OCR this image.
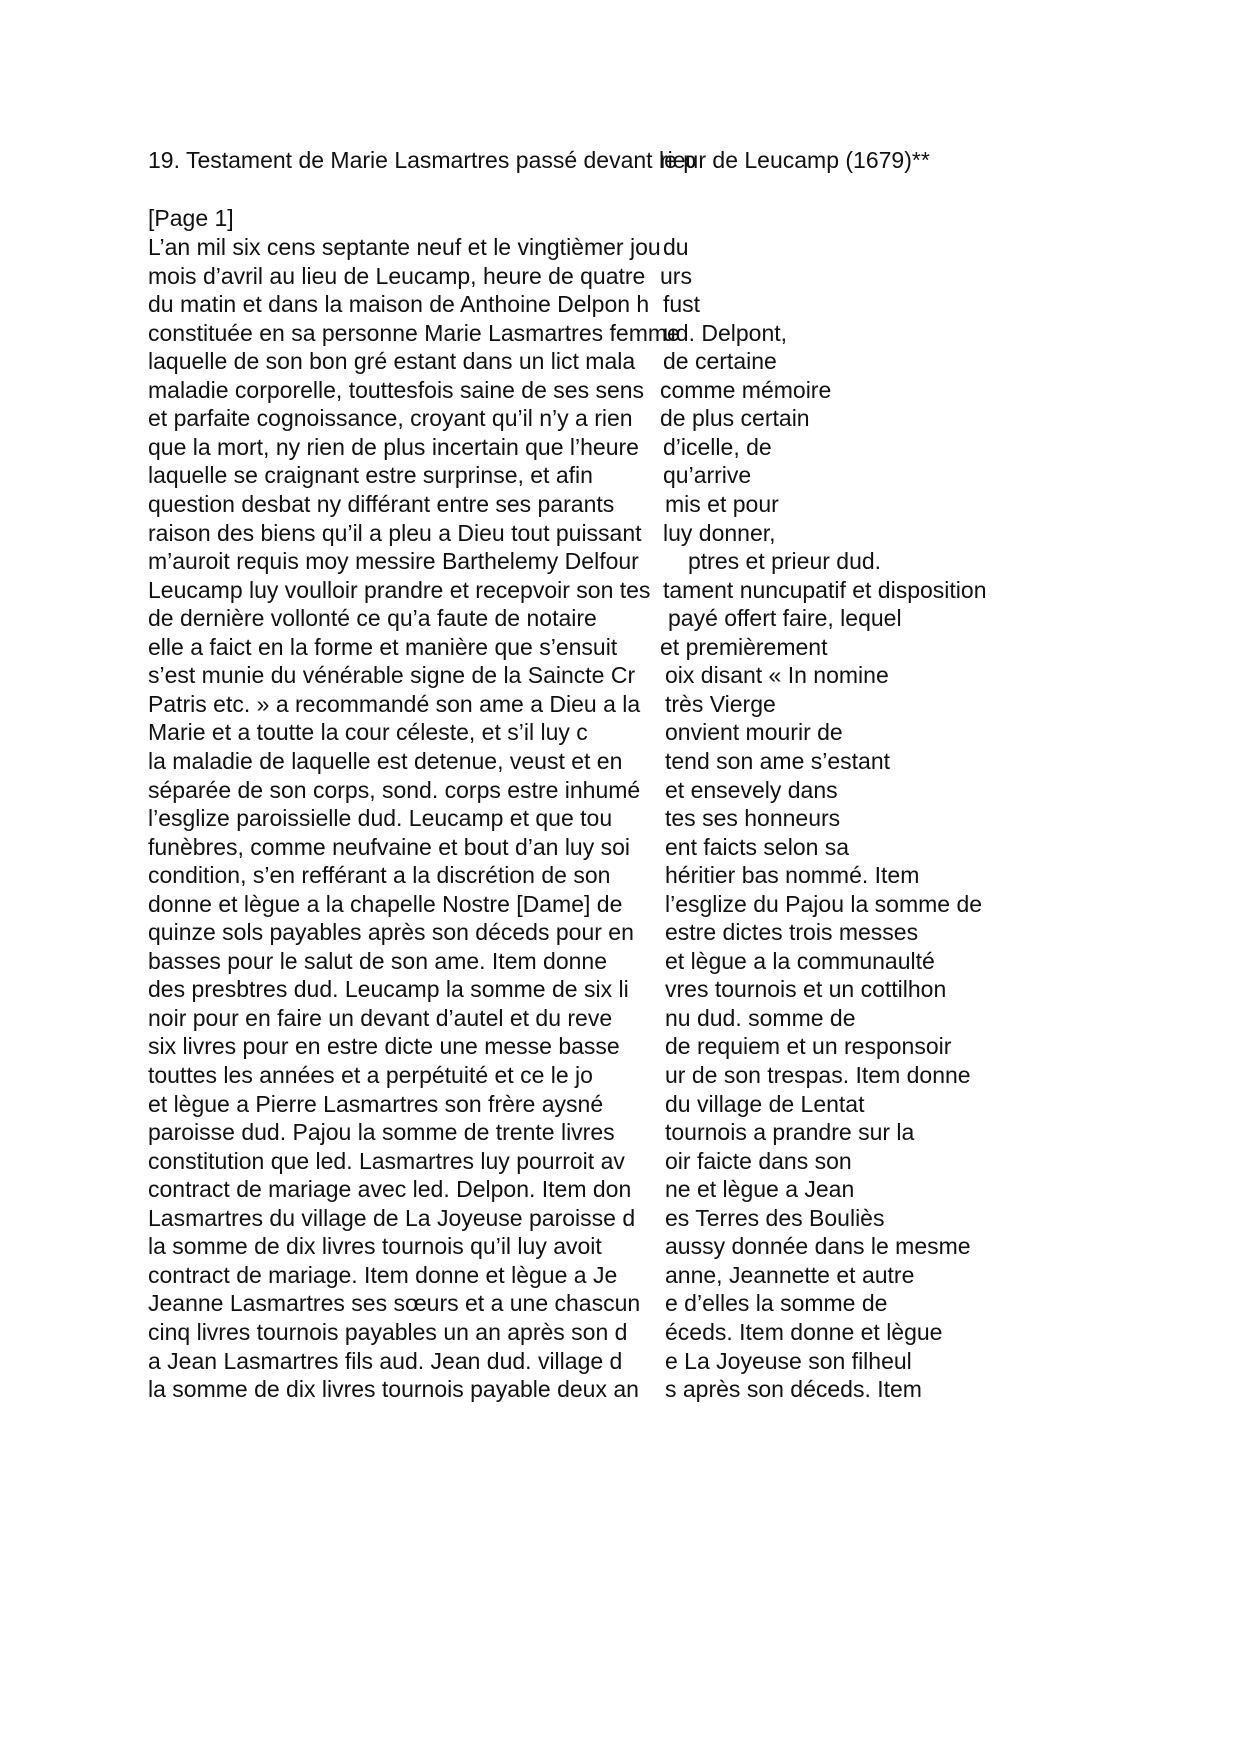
19. Testament de Marie Lasmartres passé devant le p
rieur de Leucamp (1679)**
[Page 1]
L’an mil six cens septante neuf et le vingtièmer jou du
mois d’avril au lieu de Leucamp, heure de quatre urs
du matin et dans la maison de Anthoine Delpon h fust
constituée en sa personne Marie Lasmartres femme
ud. Delpont,
laquelle de son bon gré estant dans un lict mala de certaine
maladie corporelle, touttesfois saine de ses sens comme mémoire
et parfaite cognoissance, croyant qu’il n’y a rien de plus certain
que la mort, ny rien de plus incertain que l’heure d’icelle, de
laquelle se craignant estre surprinse, et afin	qu’arrive
question desbat ny différant entre ses parants mis et pour
raison des biens qu’il a pleu a Dieu tout puissant luy donner,
m’auroit requis moy messire Barthelemy Delfour ptres et prieur dud.
Leucamp luy voulloir prandre et recepvoir son tes tament nuncupatif et disposition
de dernière vollonté ce qu’a faute de notaire	payé offert faire, lequel
elle a faict en la forme et manière que s’ensuit et premièrement
s’est munie du vénérable signe de la Saincte Cr oix disant « In nomine
Patris etc. » a recommandé son ame a Dieu a la très Vierge
Marie et a toutte la cour céleste, et s’il luy c	onvient mourir de
la maladie de laquelle est detenue, veust et en tend son ame s’estant
séparée de son corps, sond. corps estre inhumé et ensevely dans
l’esglize paroissielle dud. Leucamp et que tou tes ses honneurs
funèbres, comme neufvaine et bout d’an luy soi ent faicts selon sa
condition, s’en refférant a la discrétion de son héritier bas nommé. Item
donne et lègue a la chapelle Nostre [Dame] de l’esglize du Pajou la somme de
quinze sols payables après son déceds pour en estre dictes trois messes
basses pour le salut de son ame. Item donne et lègue a la communaulté
des presbtres dud. Leucamp la somme de six li vres tournois et un cottilhon
noir pour en faire un devant d’autel et du reve nu dud. somme de
six livres pour en estre dicte une messe basse de requiem et un responsoir
touttes les années et a perpétuité et ce le jo	ur de son trespas. Item donne
et lègue a Pierre Lasmartres son frère aysné du village de Lentat
paroisse dud. Pajou la somme de trente livres tournois a prandre sur la
constitution que led. Lasmartres luy pourroit av oir faicte dans son
contract de mariage avec led. Delpon. Item don ne et lègue a Jean
Lasmartres du village de La Joyeuse paroisse d es Terres des Bouliès
la somme de dix livres tournois qu’il luy avoit aussy donnée dans le mesme
contract de mariage. Item donne et lègue a Je anne, Jeannette et autre
Jeanne Lasmartres ses sœurs et a une chascun e d’elles la somme de
cinq livres tournois payables un an après son d éceds. Item donne et lègue
a Jean Lasmartres fils aud. Jean dud. village d e La Joyeuse son filheul
la somme de dix livres tournois payable deux an s après son déceds. Item
